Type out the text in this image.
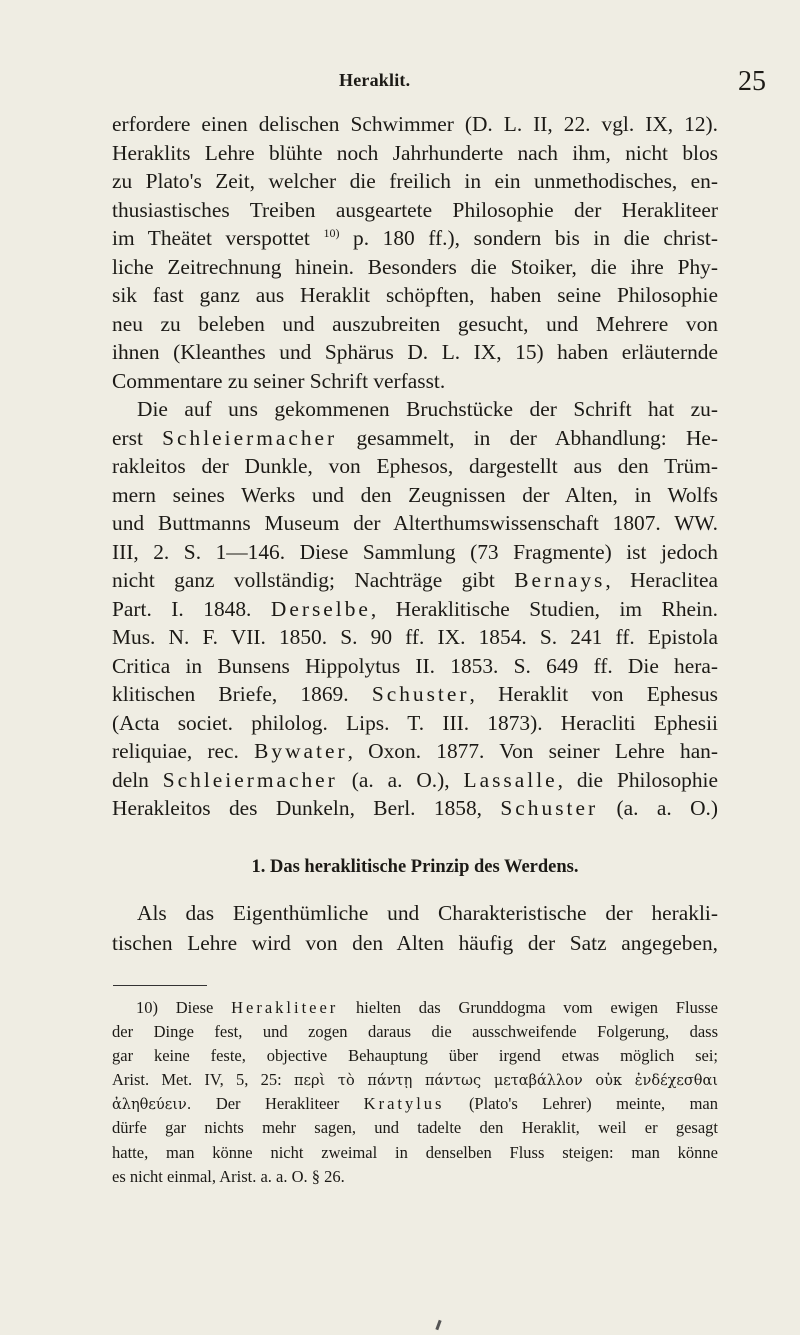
Heraklit.	25
erfordere einen delischen Schwimmer (D. L. II, 22. vgl. IX, 12).
Heraklits Lehre blühte noch Jahrhunderte nach ihm, nicht blos
zu Plato's Zeit, welcher die freilich in ein unmethodisches, en-
thusiastisches Treiben ausgeartete Philosophie der Herakliteer
im Theätet verspottet $^{10)}$ p. 180 ff.), sondern bis in die christ-
liche Zeitrechnung hinein. Besonders die Stoiker, die ihre Phy-
sik fast ganz aus Heraklit schöpften, haben seine Philosophie
neu zu beleben und auszubreiten gesucht, und Mehrere von
ihnen (Kleanthes und Sphärus D. L. IX, 15) haben erläuternde
Commentare zu seiner Schrift verfasst.
Die auf uns gekommenen Bruchstücke der Schrift hat zu-
erst Schleiermacher gesammelt, in der Abhandlung: He-
rakleitos der Dunkle, von Ephesos, dargestellt aus den Trüm-
mern seines Werks und den Zeugnissen der Alten, in Wolfs
und Buttmanns Museum der Alterthumswissenschaft 1807. WW.
III, 2. S. 1—146. Diese Sammlung (73 Fragmente) ist jedoch
nicht ganz vollständig; Nachträge gibt Bernays, Heraclitea
Part. I. 1848. Derselbe, Heraklitische Studien, im Rhein.
Mus. N. F. VII. 1850. S. 90 ff. IX. 1854. S. 241 ff. Epistola
Critica in Bunsens Hippolytus II. 1853. S. 649 ff. Die hera-
klitischen Briefe, 1869. Schuster, Heraklit von Ephesus
(Acta societ. philolog. Lips. T. III. 1873). Heracliti Ephesii
reliquiae, rec. Bywater, Oxon. 1877. Von seiner Lehre han-
deln Schleiermacher (a. a. O.), Lassalle, die Philosophie
Herakleitos des Dunkeln, Berl. 1858, Schuster (a. a. O.)
1. Das heraklitische Prinzip des Werdens.
Als das Eigenthümliche und Charakteristische der herakli-
tischen Lehre wird von den Alten häufig der Satz angegeben,
10) Diese Herakliteer hielten das Grunddogma vom ewigen Flusse
der Dinge fest, und zogen daraus die ausschweifende Folgerung, dass
gar keine feste, objective Behauptung über irgend etwas möglich sei;
Arist. Met. IV, 5, 25: περὶ τὸ πάντῃ πάντως μεταβάλλον οὐκ ἐνδέχεσθαι
ἀληθεύειν. Der Herakliteer Kratylus (Plato's Lehrer) meinte, man
dürfe gar nichts mehr sagen, und tadelte den Heraklit, weil er gesagt
hatte, man könne nicht zweimal in denselben Fluss steigen: man könne
es nicht einmal, Arist. a. a. O. § 26.
